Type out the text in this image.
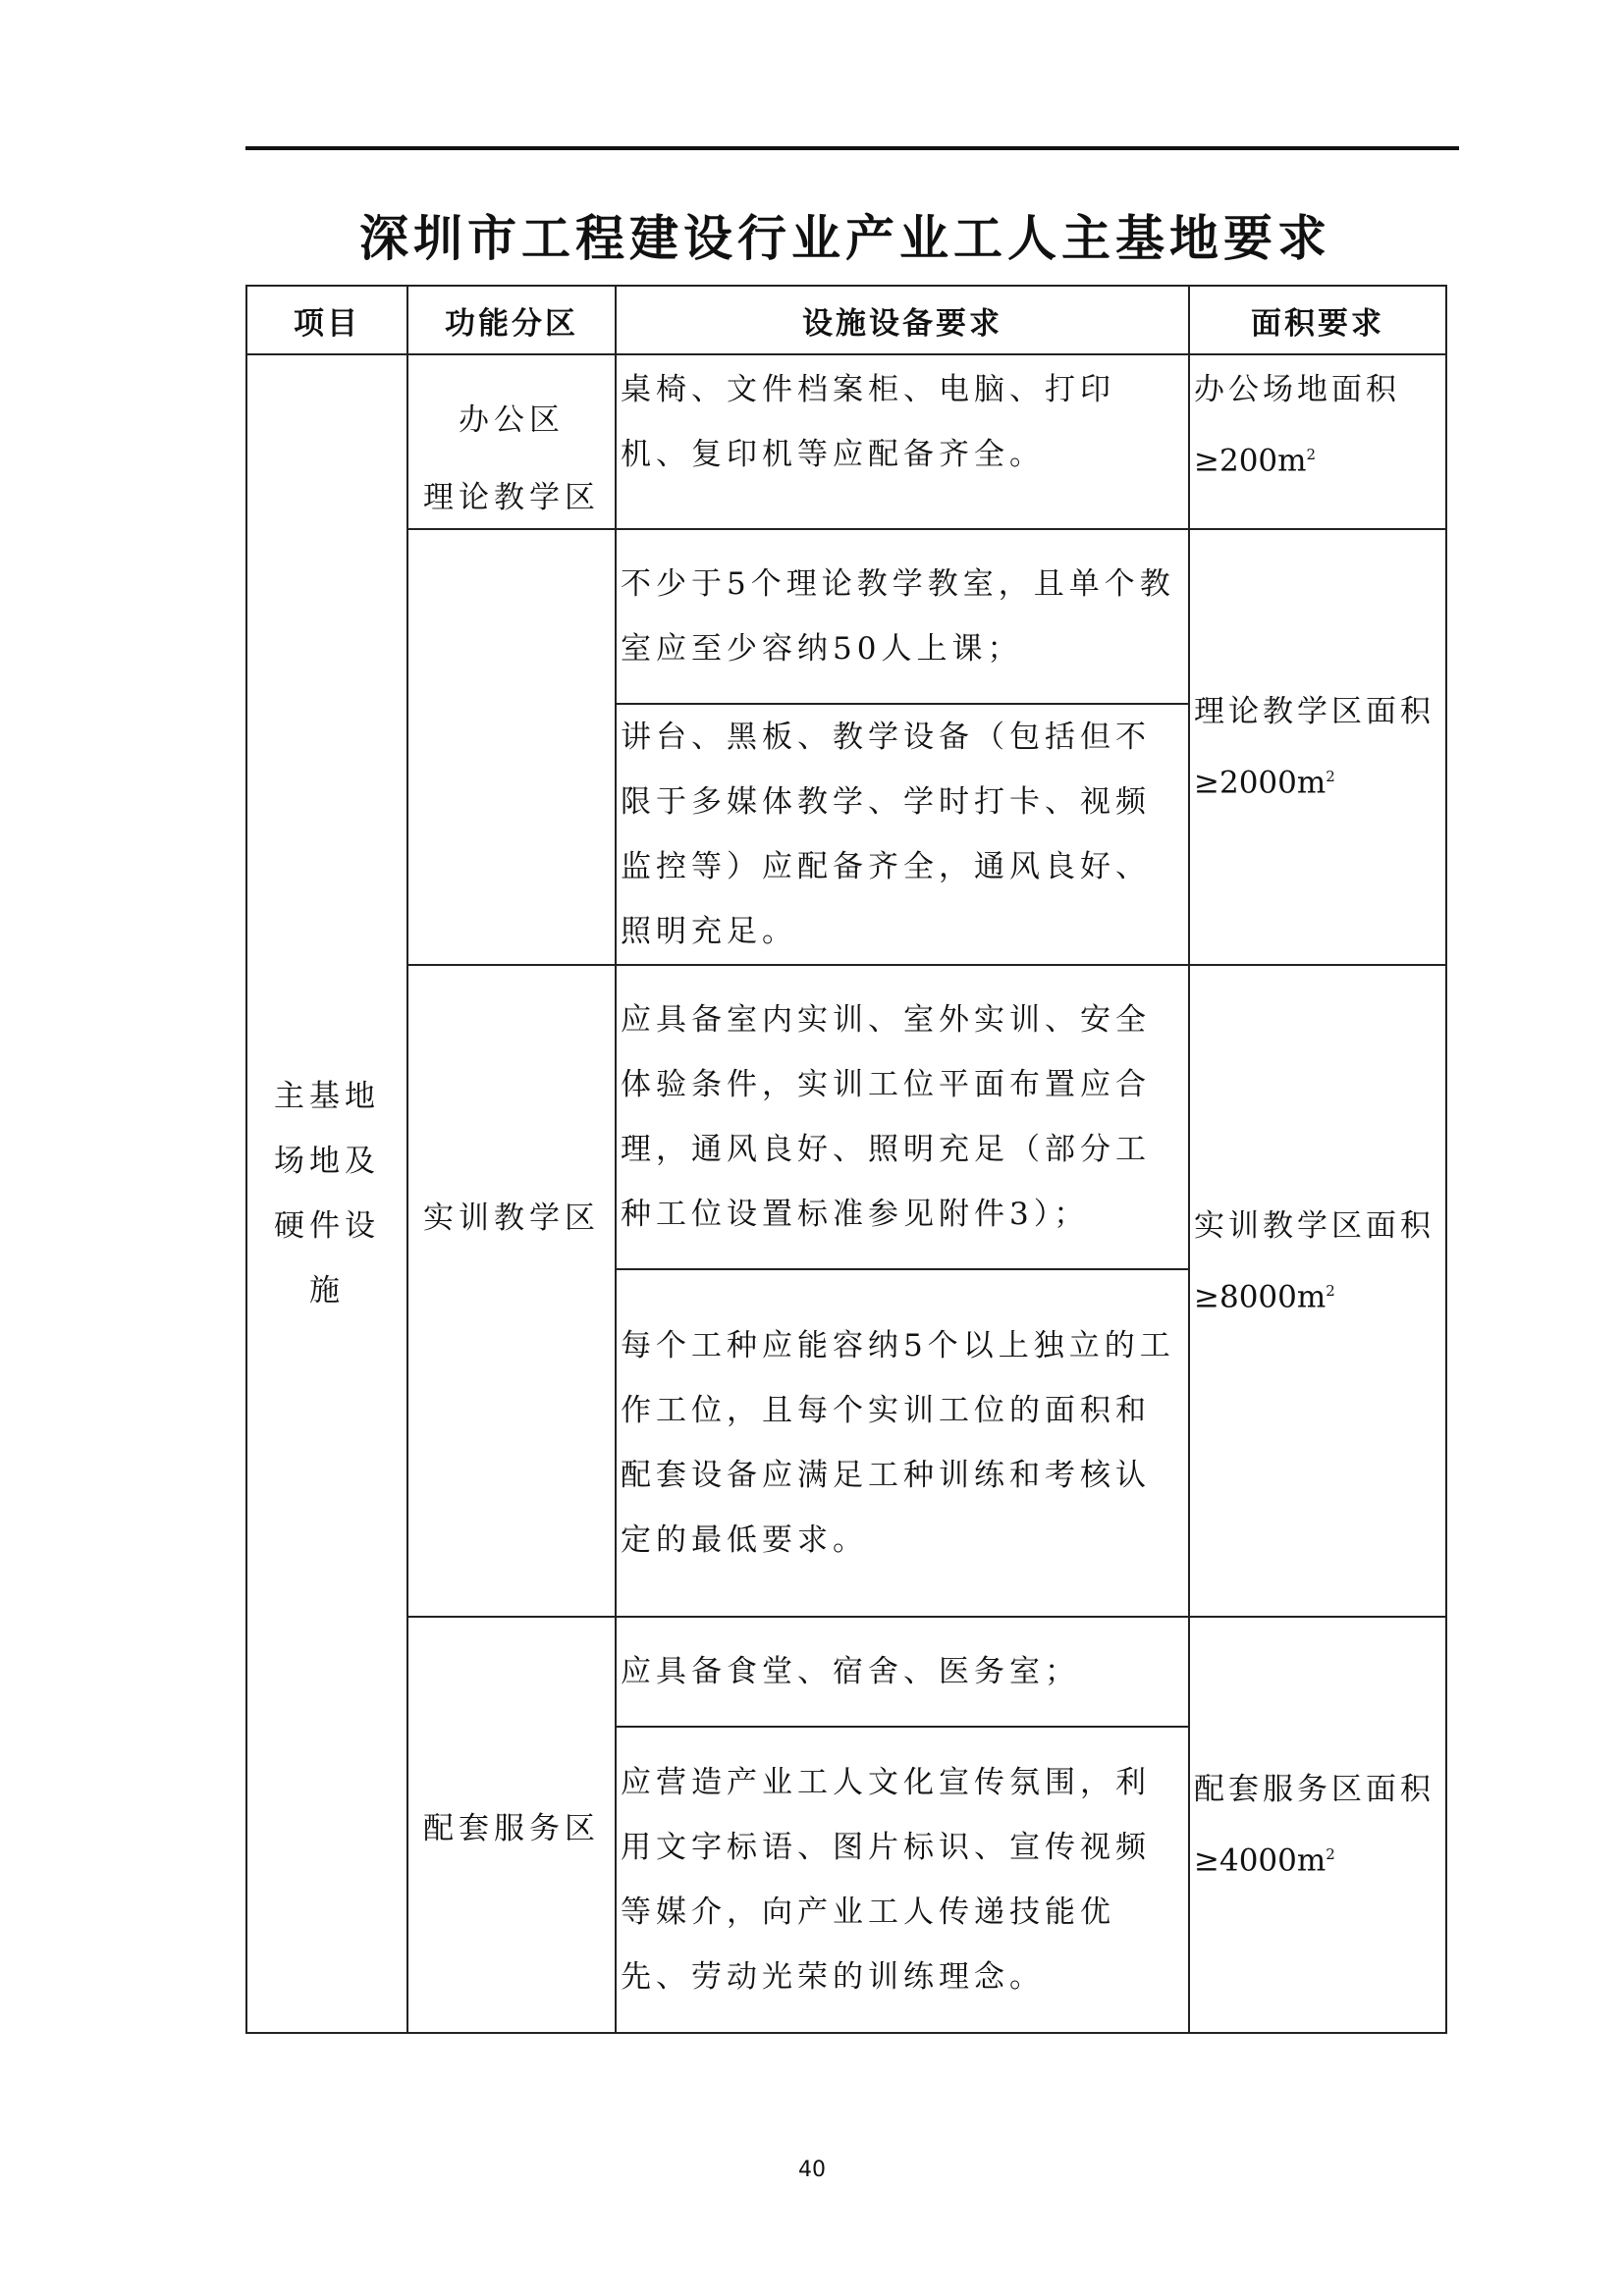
深圳市工程建设行业产业工人主基地要求
项目	功能分区	设施设备要求	面积要求

主基地场地及硬件设施	办公区	桌椅、文件档案柜、电脑、打印机、复印机等应配备齐全。	办公场地面积
$\ge 200m^2$

	理论教学区	不少于5个理论教学教室，且单个教室应至少容纳50人上课；	理论教学区面积
$\ge 2000m^2$

		讲台、黑板、教学设备（包括但不限于多媒体教学、学时打卡、视频监控等）应配备齐全，通风良好、照明充足。	

	实训教学区	应具备室内实训、室外实训、安全体验条件，实训工位平面布置应合理，通风良好、照明充足（部分工种工位设置标准参见附件3）；	实训教学区面积
$\ge 8000m^2$

		每个工种应能容纳5个以上独立的工作工位，且每个实训工位的面积和配套设备应满足工种训练和考核认定的最低要求。	

	配套服务区	应具备食堂、宿舍、医务室；	配套服务区面积
$\ge 4000m^2$

		应营造产业工人文化宣传氛围，利用文字标语、图片标识、宣传视频等媒介，向产业工人传递技能优先、劳动光荣的训练理念。	

40
